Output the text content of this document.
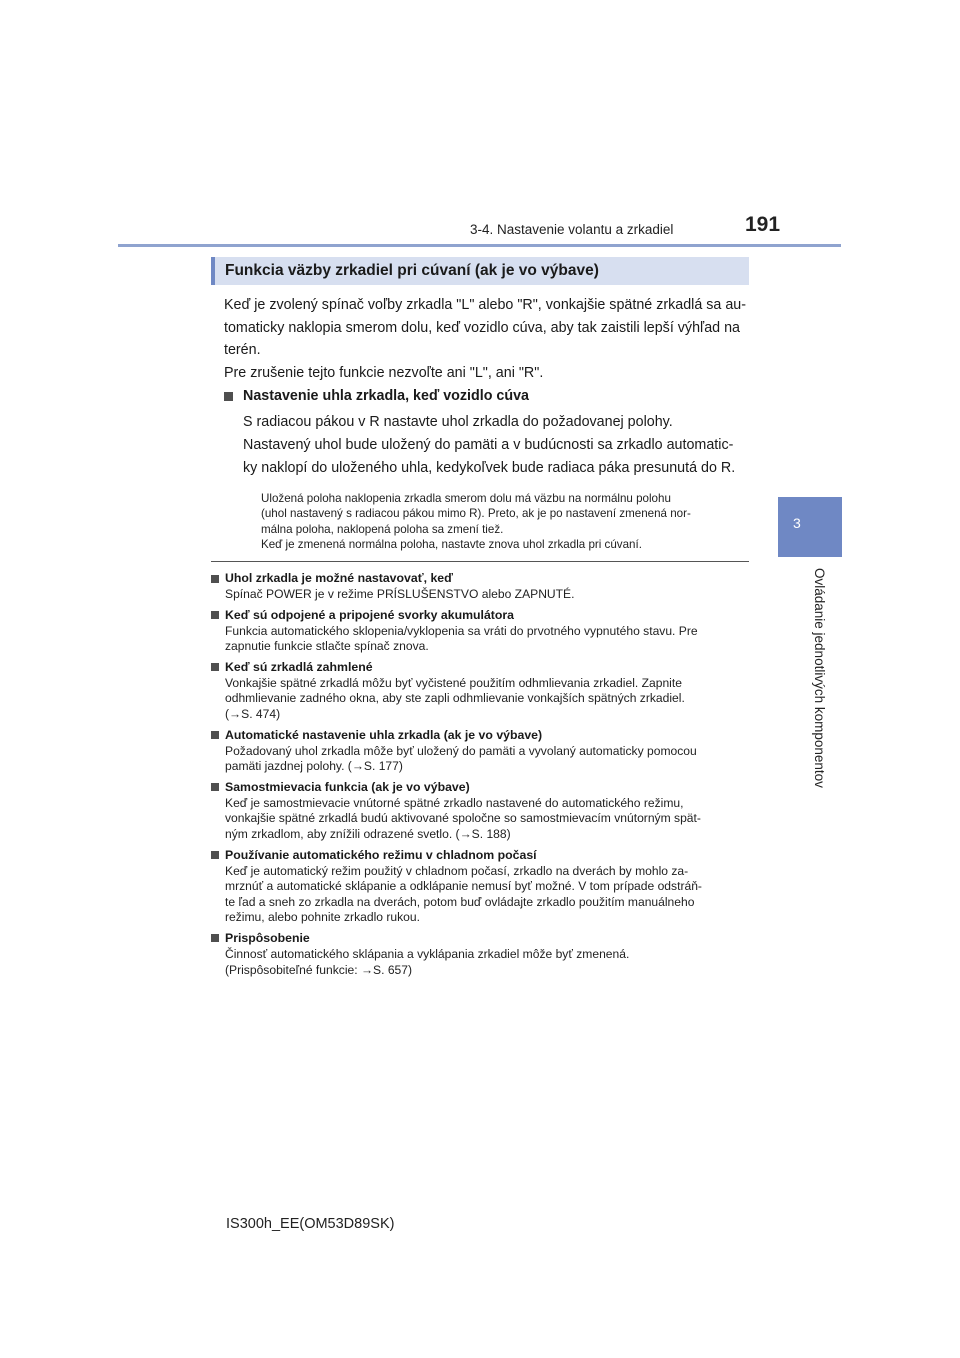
3-4. Nastavenie volantu a zrkadiel	191
3
Ovládanie jednotlivých komponentov
Funkcia väzby zrkadiel pri cúvaní (ak je vo výbave)

Keď je zvolený spínač voľby zrkadla "L" alebo "R", vonkajšie spätné zrkadlá sa au-

tomaticky naklopia smerom dolu, keď vozidlo cúva, aby tak zaistili lepší výhľad na

terén.

Pre zrušenie tejto funkcie nezvoľte ani "L", ani "R".

Nastavenie uhla zrkadla, keď vozidlo cúva

S radiacou pákou v R nastavte uhol zrkadla do požadovanej polohy.

Nastavený uhol bude uložený do pamäti a v budúcnosti sa zrkadlo automatic-

ky naklopí do uloženého uhla, kedykoľvek bude radiaca páka presunutá do R.

Uložená poloha naklopenia zrkadla smerom dolu má väzbu na normálnu polohu

(uhol nastavený s radiacou pákou mimo R). Preto, ak je po nastavení zmenená nor-

málna poloha, naklopená poloha sa zmení tiež.

Keď je zmenená normálna poloha, nastavte znova uhol zrkadla pri cúvaní.

Uhol zrkadla je možné nastavovať, keď

Spínač POWER je v režime PRÍSLUŠENSTVO alebo ZAPNUTÉ.

Keď sú odpojené a pripojené svorky akumulátora

Funkcia automatického sklopenia/vyklopenia sa vráti do prvotného vypnutého stavu. Pre

zapnutie funkcie stlačte spínač znova.

Keď sú zrkadlá zahmlené

Vonkajšie spätné zrkadlá môžu byť vyčistené použitím odhmlievania zrkadiel. Zapnite

odhmlievanie zadného okna, aby ste zapli odhmlievanie vonkajších spätných zrkadiel.

(→S. 474)

Automatické nastavenie uhla zrkadla (ak je vo výbave)

Požadovaný uhol zrkadla môže byť uložený do pamäti a vyvolaný automaticky pomocou

pamäti jazdnej polohy. (→S. 177)

Samostmievacia funkcia (ak je vo výbave)

Keď je samostmievacie vnútorné spätné zrkadlo nastavené do automatického režimu,

vonkajšie spätné zrkadlá budú aktivované spoločne so samostmievacím vnútorným spät-

ným zrkadlom, aby znížili odrazené svetlo. (→S. 188)

Používanie automatického režimu v chladnom počasí

Keď je automatický režim použitý v chladnom počasí, zrkadlo na dverách by mohlo za-

mrznúť a automatické sklápanie a odklápanie nemusí byť možné. V tom prípade odstráň-

te ľad a sneh zo zrkadla na dverách, potom buď ovládajte zrkadlo použitím manuálneho

režimu, alebo pohnite zrkadlo rukou.

Prispôsobenie

Činnosť automatického sklápania a vyklápania zrkadiel môže byť zmenená.

(Prispôsobiteľné funkcie: →S. 657)

IS300h_EE(OM53D89SK)
